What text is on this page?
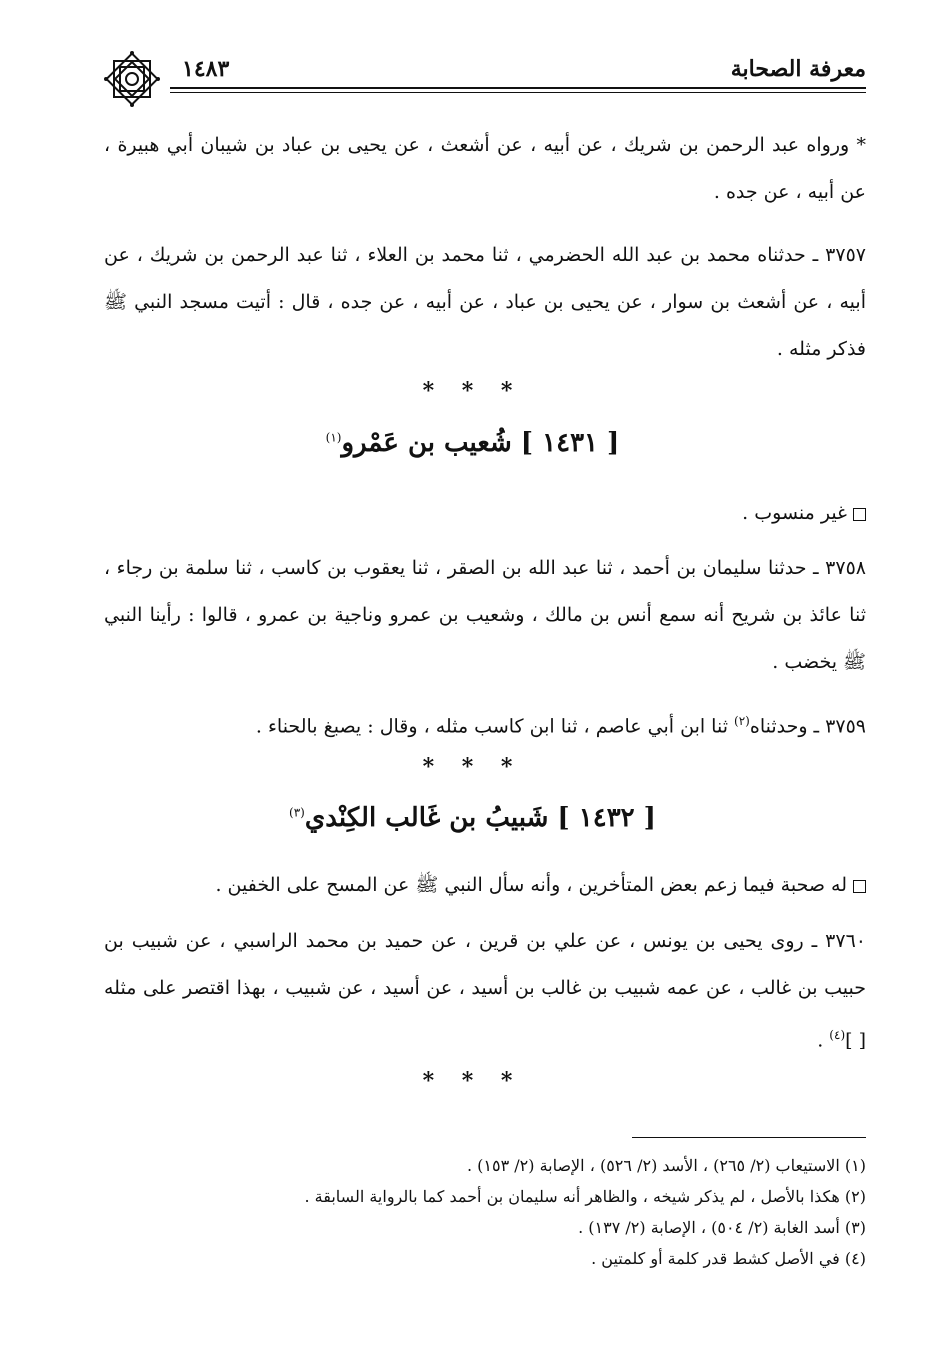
معرفة الصحابة
١٤٨٣
* ورواه عبد الرحمن بن شريك ، عن أبيه ، عن أشعث ، عن يحيى بن عباد بن شيبان أبي هبيرة ، عن أبيه ، عن جده .
٣٧٥٧ ـ حدثناه محمد بن عبد الله الحضرمي ، ثنا محمد بن العلاء ، ثنا عبد الرحمن بن شريك ، عن أبيه ، عن أشعث بن سوار ، عن يحيى بن عباد ، عن أبيه ، عن جده ، قال : أتيت مسجد النبي ﷺ فذكر مثله .
* * *
[ ١٤٣١ ] شُعيب بن عَمْرو$^{(١)}$
غير منسوب .
٣٧٥٨ ـ حدثنا سليمان بن أحمد ، ثنا عبد الله بن الصقر ، ثنا يعقوب بن كاسب ، ثنا سلمة بن رجاء ، ثنا عائذ بن شريح أنه سمع أنس بن مالك ، وشعيب بن عمرو وناجية بن عمرو ، قالوا : رأينا النبي ﷺ يخضب .
٣٧٥٩ ـ وحدثناه$^{(٢)}$ ثنا ابن أبي عاصم ، ثنا ابن كاسب مثله ، وقال : يصبغ بالحناء .
* * *
[ ١٤٣٢ ] شَبيبُ بن غَالب الكِنْدي$^{(٣)}$
له صحبة فيما زعم بعض المتأخرين ، وأنه سأل النبي ﷺ عن المسح على الخفين .
٣٧٦٠ ـ روى يحيى بن يونس ، عن علي بن قرين ، عن حميد بن محمد الراسبي ، عن شبيب بن حبيب بن غالب ، عن عمه شبيب بن غالب بن أسيد ، عن أسيد ، عن شبيب ، بهذا اقتصر على مثله [ ]$^{(٤)}$ .
* * *
(١) الاستيعاب (٢/ ٢٦٥) ، الأسد (٢/ ٥٢٦) ، الإصابة (٢/ ١٥٣) .
(٢) هكذا بالأصل ، لم يذكر شيخه ، والظاهر أنه سليمان بن أحمد كما بالرواية السابقة .
(٣) أسد الغابة (٢/ ٥٠٤) ، الإصابة (٢/ ١٣٧) .
(٤) في الأصل كشط قدر كلمة أو كلمتين .
